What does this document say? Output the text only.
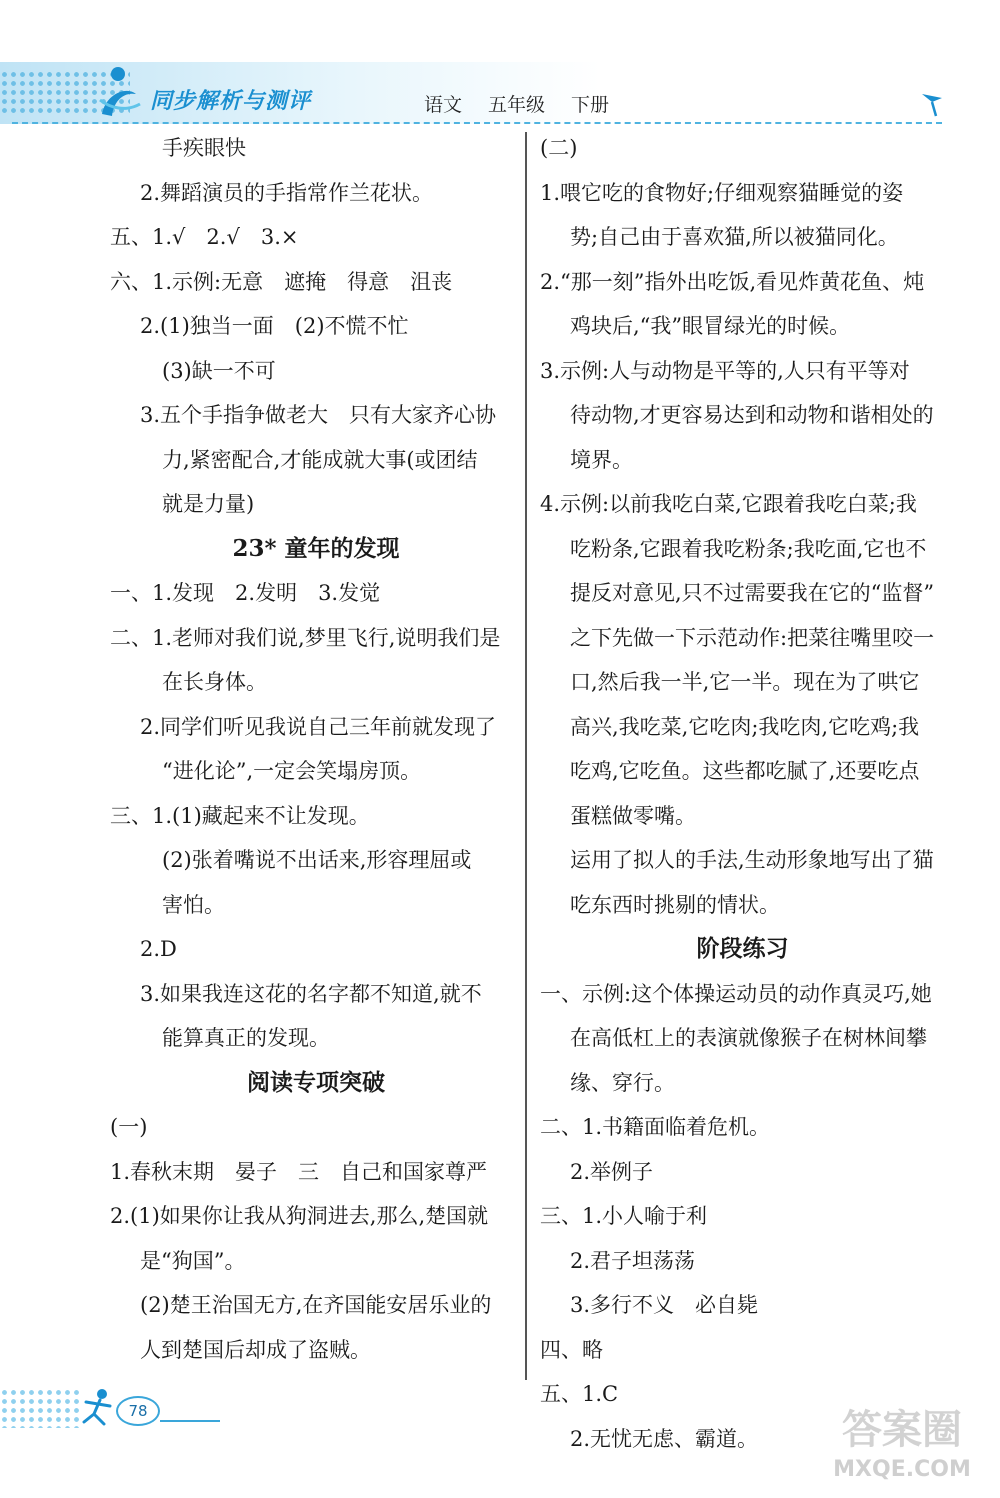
同步解析与测评	语文 五年级 下册
手疾眼快
2.舞蹈演员的手指常作兰花状。
五、1.√　2.√　3.×
六、1.示例:无意　遮掩　得意　沮丧
2.(1)独当一面　(2)不慌不忙
(3)缺一不可
3.五个手指争做老大　只有大家齐心协
力,紧密配合,才能成就大事(或团结
就是力量)
23* 童年的发现
一、1.发现　2.发明　3.发觉
二、1.老师对我们说,梦里飞行,说明我们是
在长身体。
2.同学们听见我说自己三年前就发现了
“进化论”,一定会笑塌房顶。
三、1.(1)藏起来不让发现。
(2)张着嘴说不出话来,形容理屈或
害怕。
2.D
3.如果我连这花的名字都不知道,就不
能算真正的发现。
阅读专项突破
(一)
1.春秋末期　晏子　三　自己和国家尊严
2.(1)如果你让我从狗洞进去,那么,楚国就
是“狗国”。
(2)楚王治国无方,在齐国能安居乐业的
人到楚国后却成了盗贼。
(二)
1.喂它吃的食物好;仔细观察猫睡觉的姿
势;自己由于喜欢猫,所以被猫同化。
2.“那一刻”指外出吃饭,看见炸黄花鱼、炖
鸡块后,“我”眼冒绿光的时候。
3.示例:人与动物是平等的,人只有平等对
待动物,才更容易达到和动物和谐相处的
境界。
4.示例:以前我吃白菜,它跟着我吃白菜;我
吃粉条,它跟着我吃粉条;我吃面,它也不
提反对意见,只不过需要我在它的“监督”
之下先做一下示范动作:把菜往嘴里咬一
口,然后我一半,它一半。现在为了哄它
高兴,我吃菜,它吃肉;我吃肉,它吃鸡;我
吃鸡,它吃鱼。这些都吃腻了,还要吃点
蛋糕做零嘴。
运用了拟人的手法,生动形象地写出了猫
吃东西时挑剔的情状。
阶段练习
一、示例:这个体操运动员的动作真灵巧,她
在高低杠上的表演就像猴子在树林间攀
缘、穿行。
二、1.书籍面临着危机。
2.举例子
三、1.小人喻于利
2.君子坦荡荡
3.多行不义　必自毙
四、略
五、1.C
2.无忧无虑、霸道。
78	答案圈
MXQE.COM
